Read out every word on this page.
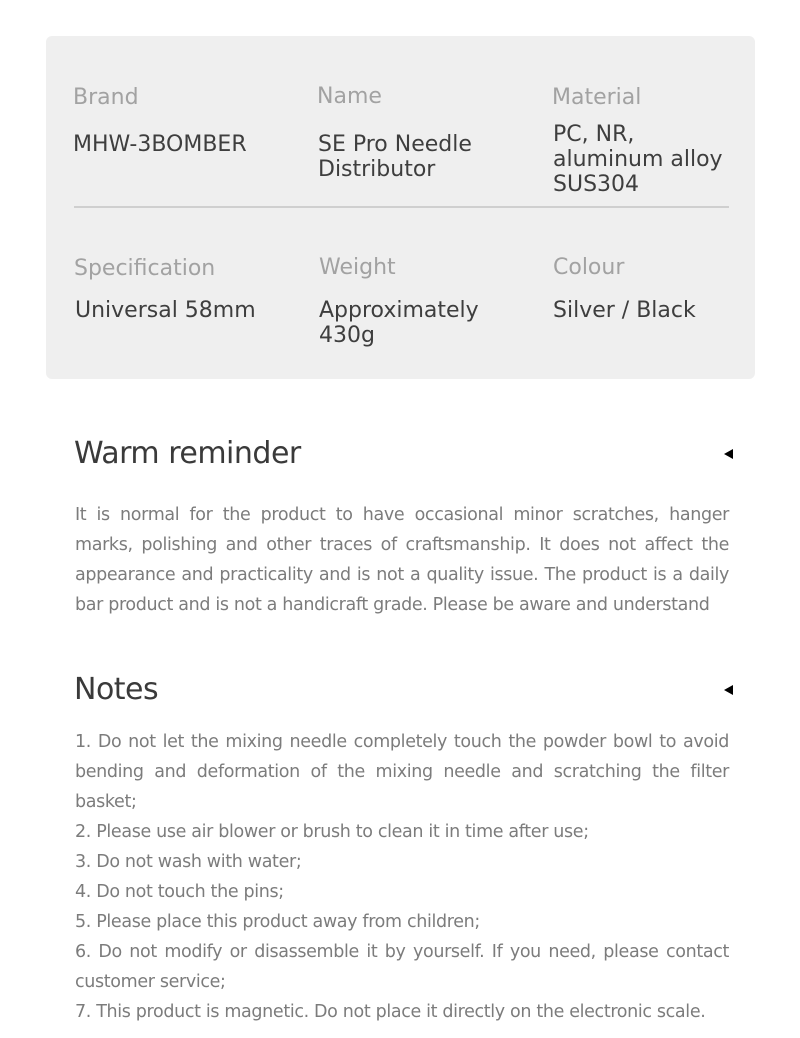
Brand
MHW-3BOMBER
Name
SE Pro Needle Distributor
Material
PC, NR, aluminum alloy SUS304
Specification
Universal 58mm
Weight
Approximately 430g
Colour
Silver / Black
Warm reminder
It is normal for the product to have occasional minor scratches, hanger marks, polishing and other traces of craftsmanship. It does not affect the appearance and practicality and is not a quality issue. The product is a daily bar product and is not a handicraft grade. Please be aware and understand
Notes
1. Do not let the mixing needle completely touch the powder bowl to avoid bending and deformation of the mixing needle and scratching the filter basket;
2. Please use air blower or brush to clean it in time after use;
3. Do not wash with water;
4. Do not touch the pins;
5. Please place this product away from children;
6. Do not modify or disassemble it by yourself. If you need, please contact customer service;
7. This product is magnetic. Do not place it directly on the electronic scale.
